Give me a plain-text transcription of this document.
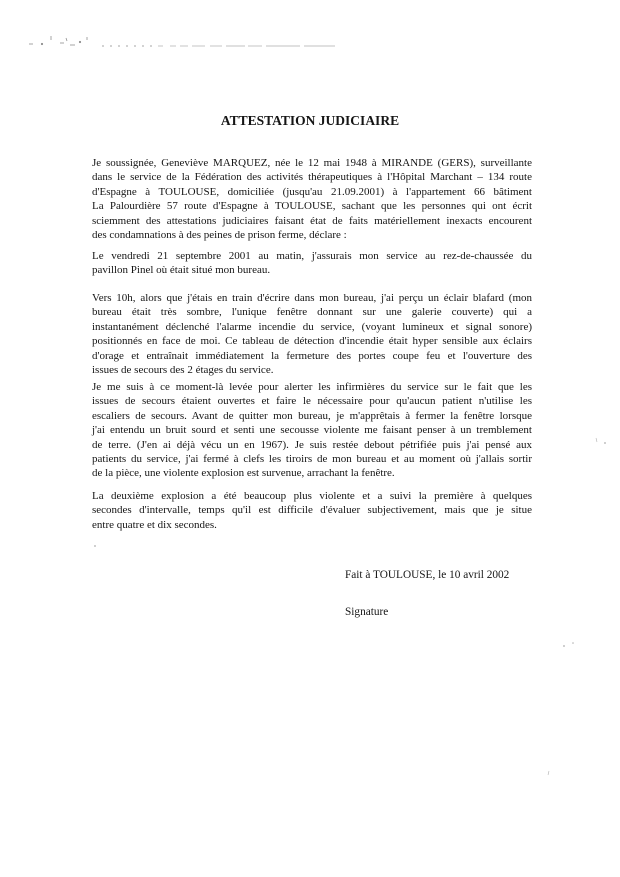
ATTESTATION JUDICIAIRE
Je soussignée, Geneviève MARQUEZ, née le 12 mai 1948 à MIRANDE (GERS), surveillante
dans le service de la Fédération des activités thérapeutiques à l'Hôpital Marchant – 134 route
d'Espagne à TOULOUSE, domiciliée (jusqu'au 21.09.2001) à l'appartement 66 bâtiment
La Palourdière 57 route d'Espagne à TOULOUSE, sachant que les personnes qui ont écrit
sciemment des attestations judiciaires faisant état de faits matériellement inexacts encourent
des condamnations à des peines de prison ferme, déclare :
Le vendredi 21 septembre 2001 au matin, j'assurais mon service au rez-de-chaussée du
pavillon Pinel où était situé mon bureau.
Vers 10h, alors que j'étais en train d'écrire dans mon bureau, j'ai perçu un éclair blafard (mon
bureau était très sombre, l'unique fenêtre donnant sur une galerie couverte) qui a
instantanément déclenché l'alarme incendie du service, (voyant lumineux et signal sonore)
positionnés en face de moi. Ce tableau de détection d'incendie était hyper sensible aux éclairs
d'orage et entraînait immédiatement la fermeture des portes coupe feu et l'ouverture des
issues de secours des 2 étages du service.
Je me suis à ce moment-là levée pour alerter les infirmières du service sur le fait que les
issues de secours étaient ouvertes et faire le nécessaire pour qu'aucun patient n'utilise les
escaliers de secours. Avant de quitter mon bureau, je m'apprêtais à fermer la fenêtre lorsque
j'ai entendu un bruit sourd et senti une secousse violente me faisant penser à un tremblement
de terre. (J'en ai déjà vécu un en 1967). Je suis restée debout pétrifiée puis j'ai pensé aux
patients du service, j'ai fermé à clefs les tiroirs de mon bureau et au moment où j'allais sortir
de la pièce, une violente explosion est survenue, arrachant la fenêtre.
La deuxième explosion a été beaucoup plus violente et a suivi la première à quelques
secondes d'intervalle, temps qu'il est difficile d'évaluer subjectivement, mais que je situe
entre quatre et dix secondes.
Fait à TOULOUSE, le 10 avril 2002
Signature
